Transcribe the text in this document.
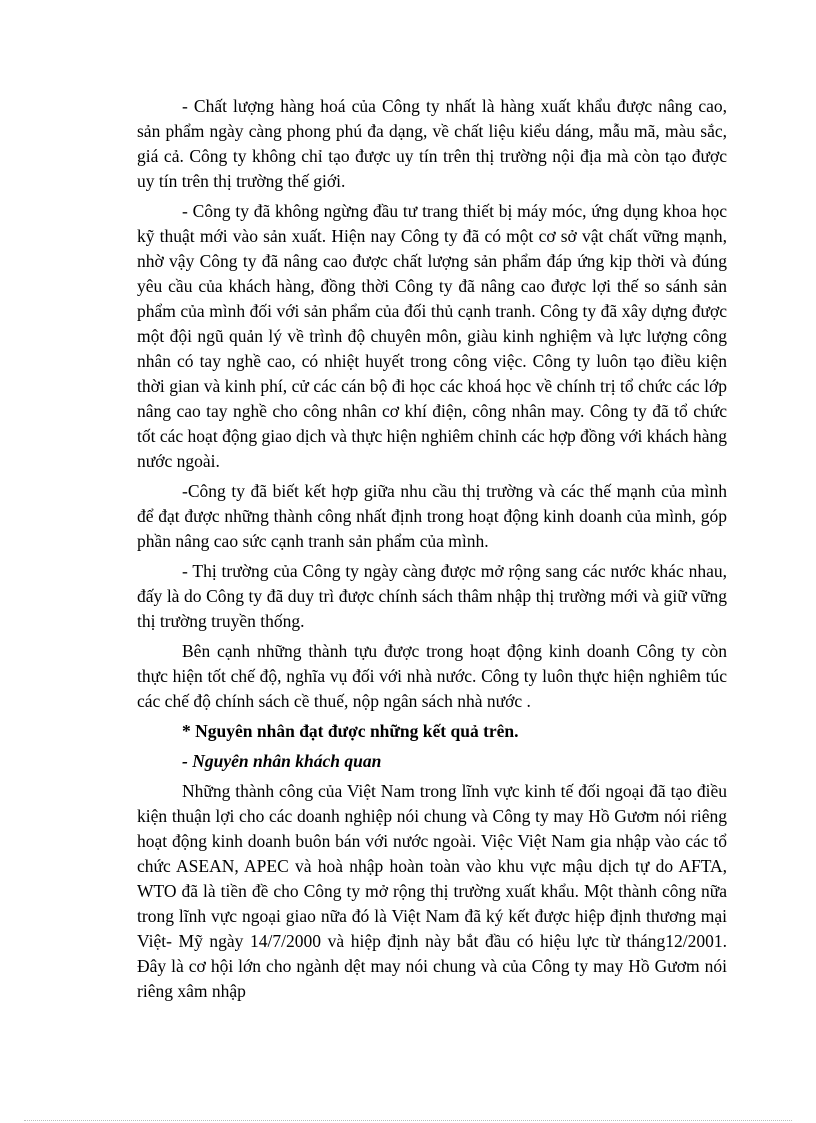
- Chất lượng hàng hoá của Công ty nhất là hàng xuất khẩu được nâng cao, sản phẩm ngày càng phong phú đa dạng, về chất liệu kiểu dáng, mẫu mã, màu sắc, giá cả. Công ty không chỉ tạo được uy tín trên thị trường nội địa mà còn tạo được uy tín trên thị trường thế giới.

- Công ty đã không ngừng đầu tư trang thiết bị máy móc, ứng dụng khoa học kỹ thuật mới vào sản xuất. Hiện nay Công ty đã có một cơ sở vật chất vững mạnh, nhờ vậy Công ty đã nâng cao được chất lượng sản phẩm đáp ứng kịp thời và đúng yêu cầu của khách hàng, đồng thời Công ty đã nâng cao được lợi thế so sánh sản phẩm của mình đối với sản phẩm của đối thủ cạnh tranh. Công ty đã xây dựng được một đội ngũ quản lý về trình độ chuyên môn, giàu kinh nghiệm và lực lượng công nhân có tay nghề cao, có nhiệt huyết trong công việc. Công ty luôn tạo điều kiện thời gian và kinh phí, cử các cán bộ đi học các khoá học về chính trị tổ chức các lớp nâng cao tay nghề cho công nhân cơ khí điện, công nhân may. Công ty đã tổ chức tốt các hoạt động giao dịch và thực hiện nghiêm chỉnh các hợp đồng với khách hàng nước ngoài.

-Công ty đã biết kết hợp giữa nhu cầu thị trường và các thế mạnh của mình để đạt được những thành công nhất định trong hoạt động kinh doanh của mình, góp phần nâng cao sức cạnh tranh sản phẩm của mình.

- Thị trường của Công ty ngày càng được mở rộng sang các nước khác nhau, đấy là do Công ty đã duy trì được chính sách thâm nhập thị trường mới và giữ vững thị trường truyền thống.

Bên cạnh những thành tựu được trong hoạt động kinh doanh Công ty còn thực hiện tốt chế độ, nghĩa vụ đối với nhà nước. Công ty luôn thực hiện nghiêm túc các chế độ chính sách cề thuế, nộp ngân sách nhà nước .

* Nguyên nhân đạt được những kết quả trên.

- Nguyên nhân khách quan

Những thành công của Việt Nam trong lĩnh vực kinh tế đối ngoại đã tạo điều kiện thuận lợi cho các doanh nghiệp nói chung và Công ty may Hồ Gươm nói riêng hoạt động kinh doanh buôn bán với nước ngoài. Việc Việt Nam gia nhập vào các tổ chức ASEAN, APEC và hoà nhập hoàn toàn vào khu vực mậu dịch tự do AFTA, WTO đã là tiền đề cho Công ty mở rộng thị trường xuất khẩu. Một thành công nữa trong lĩnh vực ngoại giao nữa đó là Việt Nam đã ký kết được hiệp định thương mại Việt- Mỹ ngày 14/7/2000 và hiệp định này bắt đầu có hiệu lực từ tháng12/2001. Đây là cơ hội lớn cho ngành dệt may nói chung và của Công ty may Hồ Gươm nói riêng xâm nhập
